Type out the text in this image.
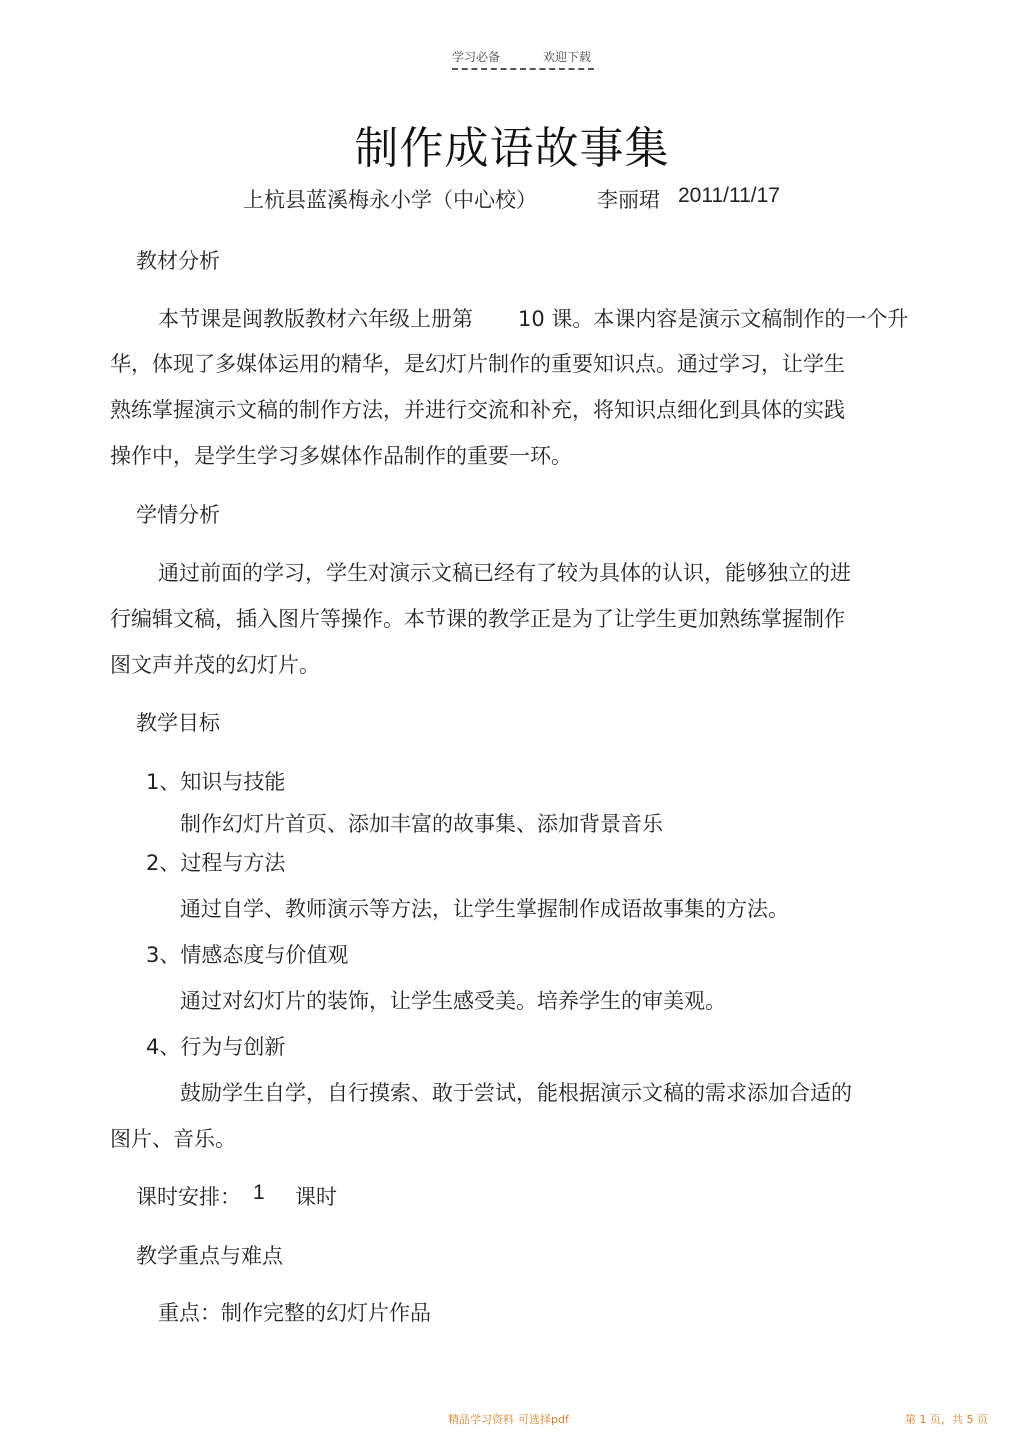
学习必备	欢迎下载
制作成语故事集
上杭县蓝溪梅永小学（中心校）	李丽珺 2011/11/17
教材分析
本节课是闽教版教材六年级上册第 10 课。本课内容是演示文稿制作的一个升
华，体现了多媒体运用的精华，是幻灯片制作的重要知识点。通过学习，让学生
熟练掌握演示文稿的制作方法，并进行交流和补充，将知识点细化到具体的实践
操作中，是学生学习多媒体作品制作的重要一环。
学情分析
通过前面的学习，学生对演示文稿已经有了较为具体的认识，能够独立的进
行编辑文稿，插入图片等操作。本节课的教学正是为了让学生更加熟练掌握制作
图文声并茂的幻灯片。
教学目标
1、知识与技能
制作幻灯片首页、添加丰富的故事集、添加背景音乐
2、过程与方法
通过自学、教师演示等方法，让学生掌握制作成语故事集的方法。
3、情感态度与价值观
通过对幻灯片的装饰，让学生感受美。培养学生的审美观。
4、行为与创新
鼓励学生自学，自行摸索、敢于尝试，能根据演示文稿的需求添加合适的
图片、音乐。
课时安排： 1 课时
教学重点与难点
重点：制作完整的幻灯片作品
精品学习资料 可选择pdf	第 1 页，共 5 页
